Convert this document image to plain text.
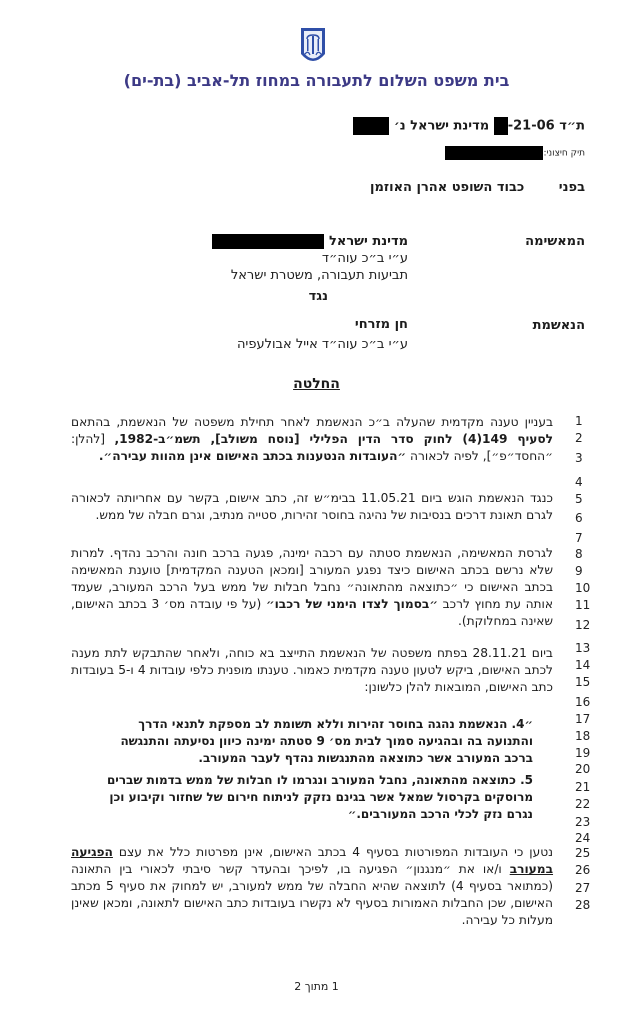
בית משפט השלום לתעבורה במחוז תל-אביב (בת-ים)
ת״ד 21-06- מדינת ישראל נ׳
תיק חיצוני:
בפני כבוד השופט אהרן האוזמן
המאשימה
מדינת ישראל
ע״י ב״כ עוה״ד
תביעות תעבורה, משטרת ישראל
נגד
הנאשמת
חן מזרחי
ע״י ב״כ עוה״ד אייל אבולעפיה
החלטה
בעניין טענה מקדמית שהעלה ב״כ הנאשמת לאחר תחילת משפטה של הנאשמת, בהתאם לסעיף 149(4) לחוק סדר הדין הפלילי [נוסח משולב], תשמ״ב-1982, [להלן: ״החסד״פ״], לפיה לכאורה ״העובדות הנטענות בכתב האישום אינן מהוות עבירה״.
כנגד הנאשמת הוגש ביום 11.05.21 בבימ״ש זה, כתב אישום, בקשר עם אחריותה לכאורה לגרם תאונת דרכים בנסיבות של נהיגה בחוסר זהירות, סטייה מנתיב, וגרם חבלה של ממש.
לגרסת המאשימה, הנאשמת סטתה עם רכבה ימינה, פגעה ברכב חונה והרכב נהדף. למרות שלא נרשם בכתב האישום כיצד נפגע המעורב [ומכאן הטענה המקדמית] טוענת המאשימה בכתב האישום כי ״כתוצאה מהתאונה״ נחבל חבלות של ממש בעל הרכב המעורב, שעמד אותה עת מחוץ לרכב ״בסמוך לצדו הימני של רכבו״ (על פי עובדה מס׳ 3 בכתב האישום, שאינה במחלוקת).
ביום 28.11.21 בפתח משפטה של הנאשמת התייצב בא כוחה, ולאחר שהתבקש לתת מענה לכתב האישום, ביקש לטעון טענה מקדמית כאמור. טענתו מופנית כלפי עובדות 4 ו-5 בעובדות כתב האישום, המובאות להלן כלשונן:
״4. הנאשמת נהגה בחוסר זהירות וללא תשומת לב מספקת לתנאי הדרך והתנועה בה ובהגיעה סמוך לבית מס׳ 9 סטתה ימינה כיוון נסיעתה והתנגשה ברכב המעורב אשר כתוצאה מהתנגשות נהדף לעבר המעורב.
5. כתוצאה מהתאונה, נחבל המעורב ונגרמו לו חבלות של ממש בדמות שברים מרוסקים בקרסול שמאל אשר בגינם נזקק לניתוח חירום של שחזור וקיבוע וכן נגרם נזק לכלי הרכב המעורבים.״
נטען כי העובדות המפורטות בסעיף 4 בכתב האישום, אינן מפרטות כלל את עצם הפגיעה במעורב ו/או את ״מנגנון״ הפגיעה בו, לפיכך ובהעדר קשר סיבתי לכאורי בין התאונה (כמתואר בסעיף 4) לתוצאה שהיא החבלה של ממש למעורב, יש למחוק את סעיף 5 מכתב האישום, שכן החבלות האמורות בסעיף לא נקשרו בעובדות כתב האישום לתאונה, ומכאן שאינן מעלות כל עבירה.
1
2
3
4
5
6
7
8
9
10
11
12
13
14
15
16
17
18
19
20
21
22
23
24
25
26
27
28
1 מתוך 2
